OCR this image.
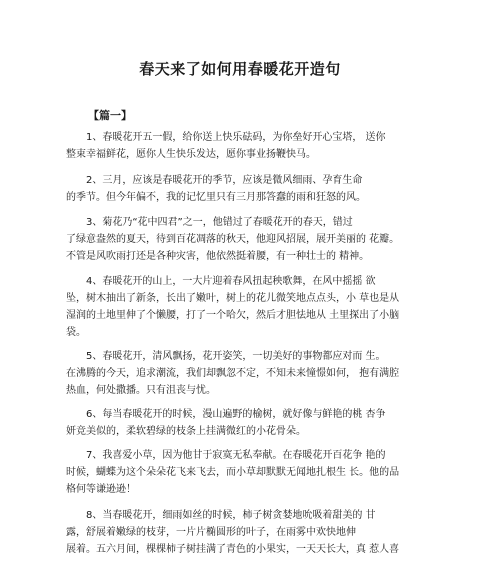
春天来了如何用春暖花开造句
【篇一】
1、春暖花开五一假，给你送上快乐砝码，为你垒好开心宝塔， 送你
整束幸福鲜花，愿你人生快乐发达，愿你事业扬鞭快马。
2、三月，应该是春暖花开的季节，应该是微风细雨、孕育生命
的季节。但今年偏不，我的记忆里只有三月那答蠢的雨和狂怒的风。
3、菊花乃“花中四君”之一，他错过了春暖花开的春天，错过
了绿意盎然的夏天，待到百花凋落的秋天，他迎风招展，展开美丽的 花瓣。
不管是风吹雨打还是各种灾害，他依然挺着腰，有一种壮士的 精神。
4、春暖花开的山上，一大片迎着春风扭起秧歌舞，在风中摇摇 欲
坠，树木抽出了新条，长出了嫩叶，树上的花儿微笑地点点头，小 草也是从
湿润的土地里伸了个懒腰，打了一个哈欠，然后才胆怯地从 土里探出了小脑
袋。
5、春暖花开，清风飘扬，花开姿笑，一切美好的事物都应对而 生。
在沸腾的今天，追求潮流，我们却飘忽不定，不知未来憧憬如何， 抱有满腔
热血，何处撒播。只有沮丧与忧。
6、每当春暖花开的时候，漫山遍野的榆树，就好像与鲜艳的桃 杏争
妍竞美似的，柔软碧绿的枝条上挂满微红的小花骨朵。
7、我喜爱小草，因为他甘于寂寞无私奉献。在春暖花开百花争 艳的
时候，蝴蝶为这个朵朵花飞来飞去，而小草却默默无闻地扎根生 长。他的品
格何等谦逊逊！
8、当春暖花开，细雨如丝的时候，柿子树贪婪地吮吸着甜美的 甘
露，舒展着嫩绿的枝芽，一片片椭圆形的叶子，在雨雾中欢快地伸
展着。五六月间，棵棵柿子树挂满了青色的小果实，一天天长大，真 惹人喜
